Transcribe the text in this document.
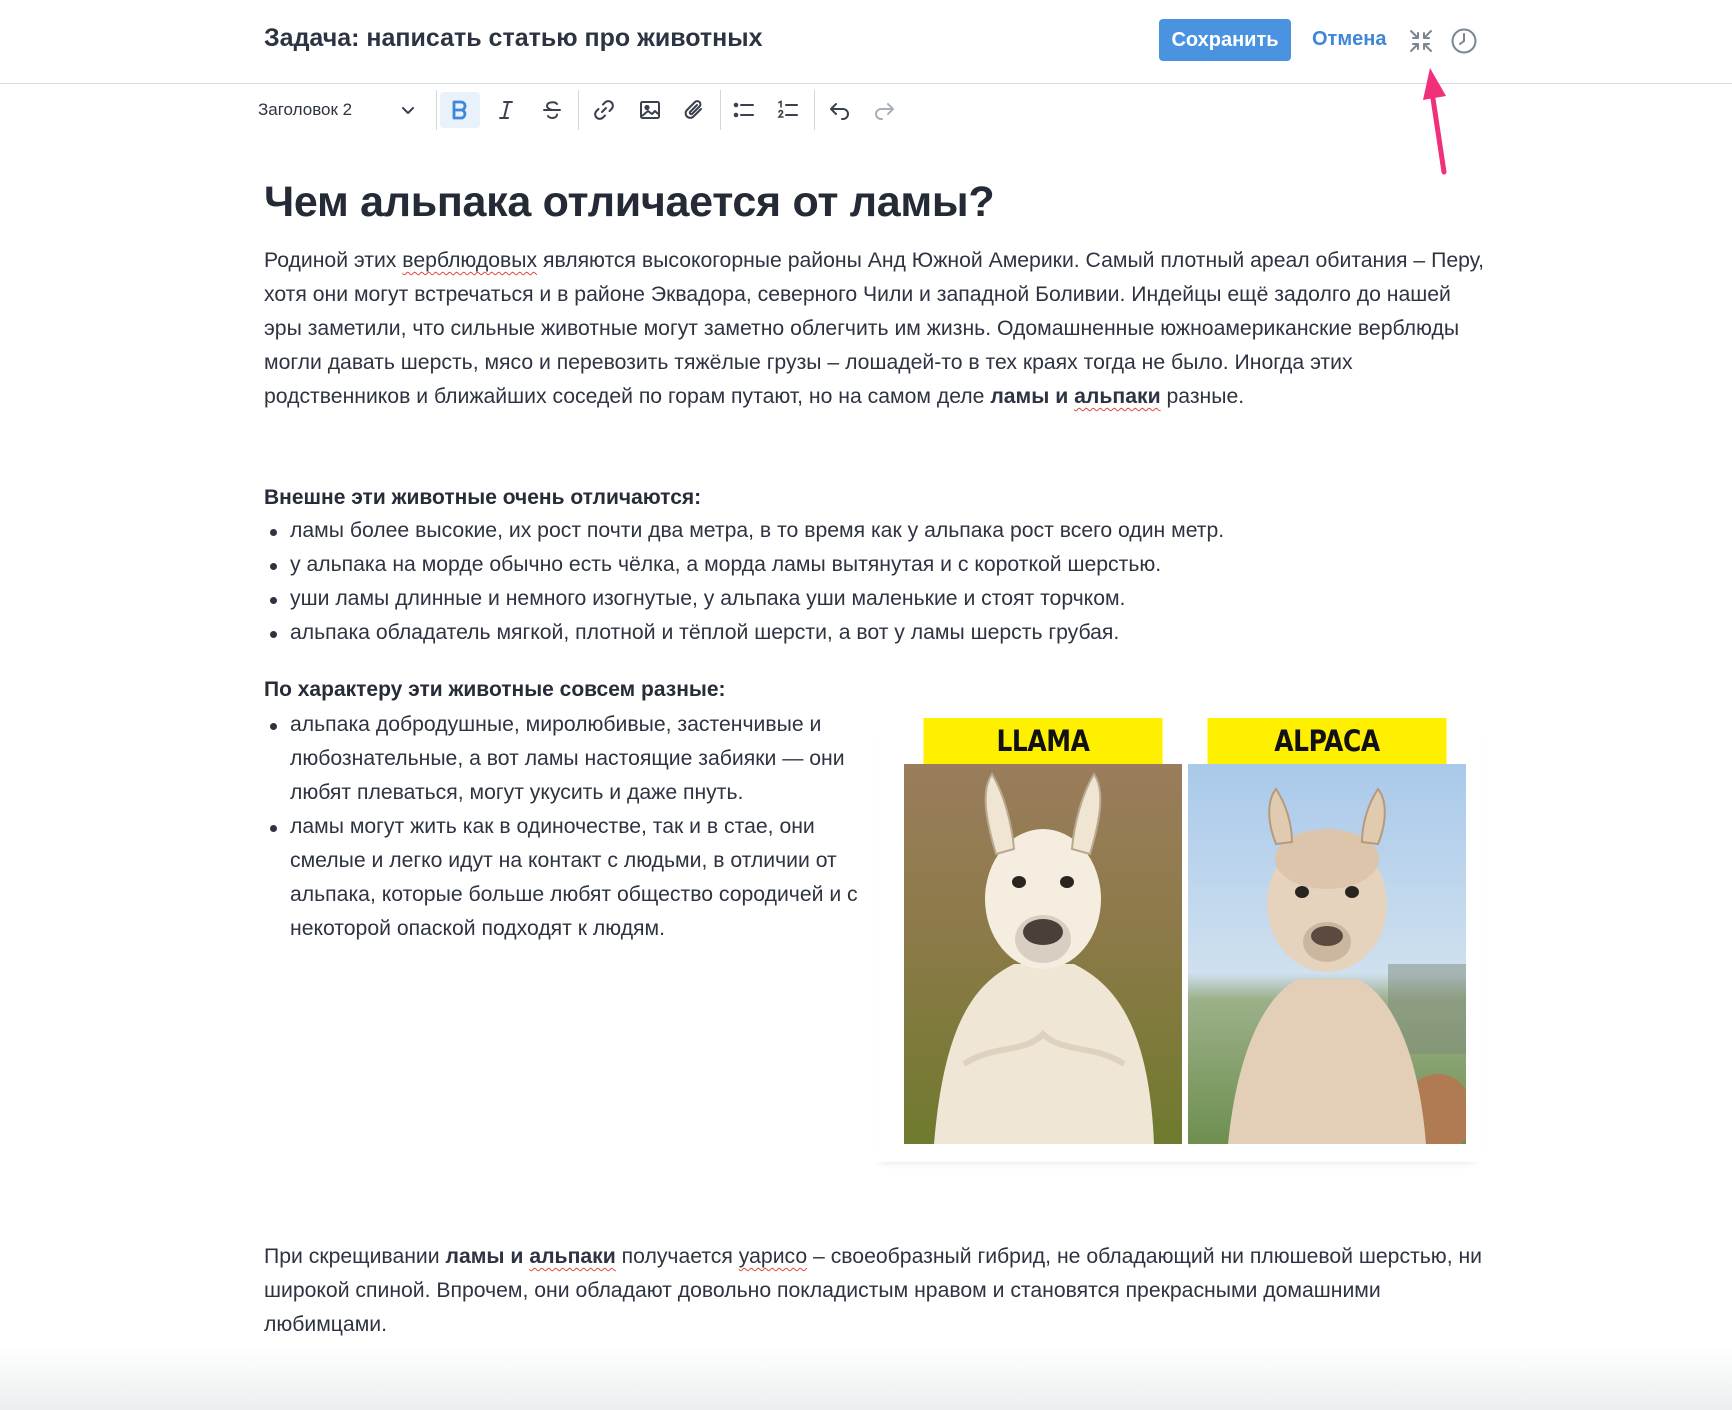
Задача: написать статью про животных	Сохранить	Отмена
Заголовок 2
Чем альпака отличается от ламы?
Родиной этих верблюдовых являются высокогорные районы Анд Южной Америки. Самый плотный ареал обитания – Перу, хотя они могут встречаться и в районе Эквадора, северного Чили и западной Боливии. Индейцы ещё задолго до нашей эры заметили, что сильные животные могут заметно облегчить им жизнь. Одомашненные южноамериканские верблюды могли давать шерсть, мясо и перевозить тяжёлые грузы – лошадей-то в тех краях тогда не было. Иногда этих родственников и ближайших соседей по горам путают, но на самом деле ламы и альпаки разные.
Внешне эти животные очень отличаются:
ламы более высокие, их рост почти два метра, в то время как у альпака рост всего один метр.
у альпака на морде обычно есть чёлка, а морда ламы вытянутая и с короткой шерстью.
уши ламы длинные и немного изогнутые, у альпака уши маленькие и стоят торчком.
альпака обладатель мягкой, плотной и тёплой шерсти, а вот у ламы шерсть грубая.
По характеру эти животные совсем разные:
альпака добродушные, миролюбивые, застенчивые и любознательные, а вот ламы настоящие забияки — они любят плеваться, могут укусить и даже пнуть.
ламы могут жить как в одиночестве, так и в стае, они смелые и легко идут на контакт с людьми, в отличии от альпака, которые больше любят общество сородичей и с некоторой опаской подходят к людям.
При скрещивании ламы и альпаки получается уарисо – своеобразный гибрид, не обладающий ни плюшевой шерстью, ни широкой спиной. Впрочем, они обладают довольно покладистым нравом и становятся прекрасными домашними любимцами.
LLAMA	ALPACA
